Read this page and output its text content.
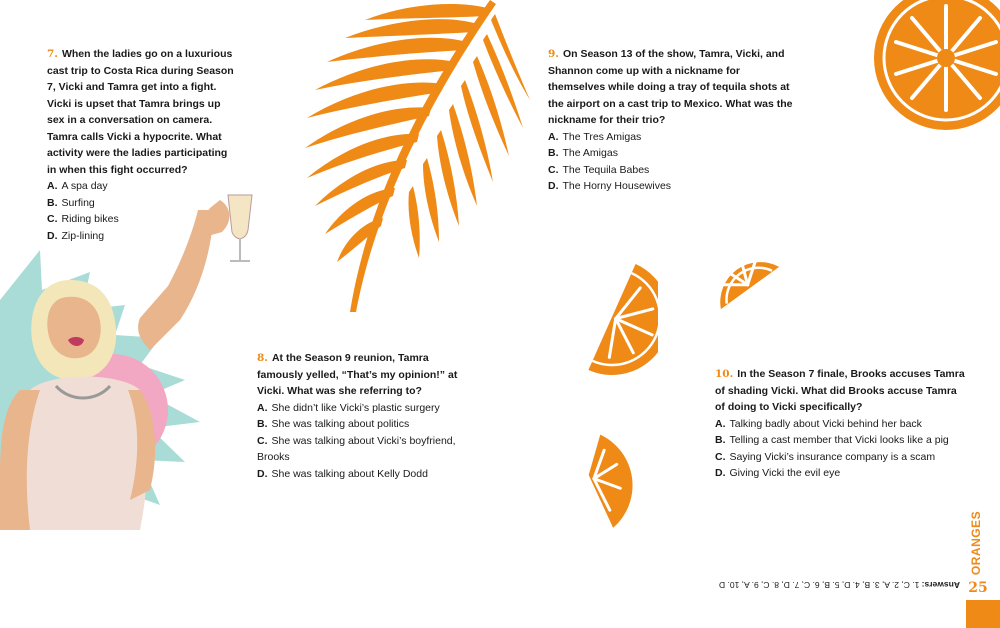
7. When the ladies go on a luxurious cast trip to Costa Rica during Season 7, Vicki and Tamra get into a fight. Vicki is upset that Tamra brings up sex in a conversation on camera. Tamra calls Vicki a hypocrite. What activity were the ladies participating in when this fight occurred?
A. A spa day
B. Surfing
C. Riding bikes
D. Zip-lining
8. At the Season 9 reunion, Tamra famously yelled, “That’s my opinion!” at Vicki. What was she referring to?
A. She didn’t like Vicki’s plastic surgery
B. She was talking about politics
C. She was talking about Vicki’s boyfriend, Brooks
D. She was talking about Kelly Dodd
9. On Season 13 of the show, Tamra, Vicki, and Shannon come up with a nickname for themselves while doing a tray of tequila shots at the airport on a cast trip to Mexico. What was the nickname for their trio?
A. The Tres Amigas
B. The Amigas
C. The Tequila Babes
D. The Horny Housewives
10. In the Season 7 finale, Brooks accuses Tamra of shading Vicki. What did Brooks accuse Tamra of doing to Vicki specifically?
A. Talking badly about Vicki behind her back
B. Telling a cast member that Vicki looks like a pig
C. Saying Vicki’s insurance company is a scam
D. Giving Vicki the evil eye
Answers: 1. C, 2. A, 3. B, 4. D, 5. B, 6. C, 7. D, 8. C, 9. A, 10. D
ORANGES
25
